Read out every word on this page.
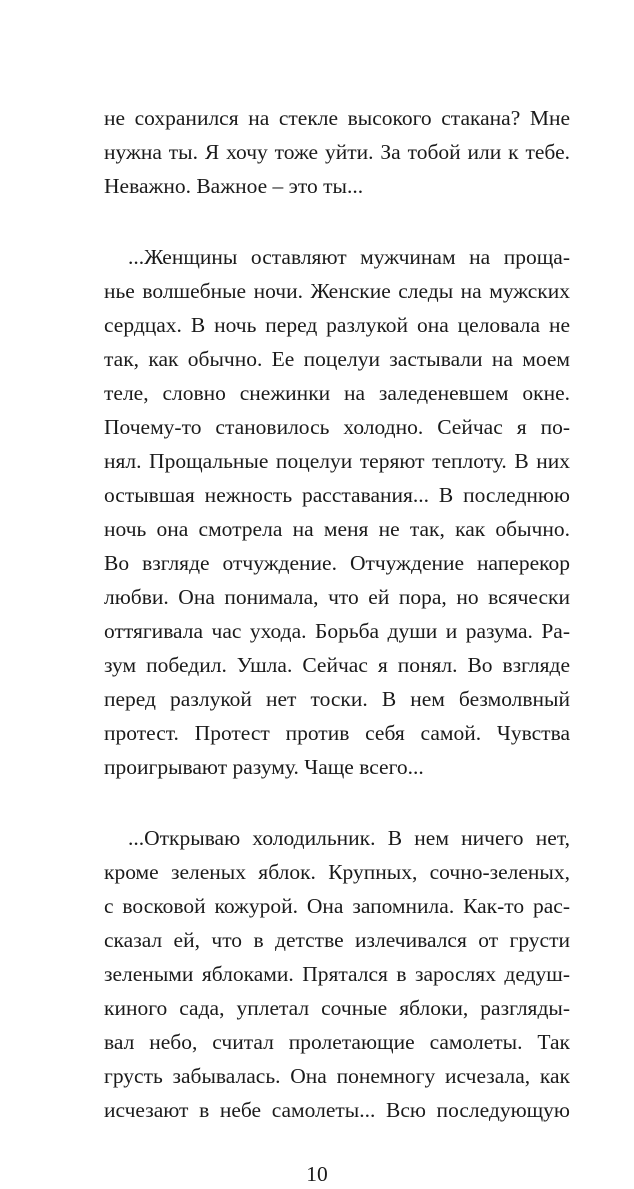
не сохранился на стекле высокого стакана? Мне
нужна ты. Я хочу тоже уйти. За тобой или к тебе.
Неважно. Важное – это ты...
...Женщины оставляют мужчинам на проща-
нье волшебные ночи. Женские следы на мужских
сердцах. В ночь перед разлукой она целовала не
так, как обычно. Ее поцелуи застывали на моем
теле, словно снежинки на заледеневшем окне.
Почему-то становилось холодно. Сейчас я по-
нял. Прощальные поцелуи теряют теплоту. В них
остывшая нежность расставания... В последнюю
ночь она смотрела на меня не так, как обычно.
Во взгляде отчуждение. Отчуждение наперекор
любви. Она понимала, что ей пора, но всячески
оттягивала час ухода. Борьба души и разума. Ра-
зум победил. Ушла. Сейчас я понял. Во взгляде
перед разлукой нет тоски. В нем безмолвный
протест. Протест против себя самой. Чувства
проигрывают разуму. Чаще всего...
...Открываю холодильник. В нем ничего нет,
кроме зеленых яблок. Крупных, сочно-зеленых,
с восковой кожурой. Она запомнила. Как-то рас-
сказал ей, что в детстве излечивался от грусти
зелеными яблоками. Прятался в зарослях дедуш-
киного сада, уплетал сочные яблоки, разгляды-
вал небо, считал пролетающие самолеты. Так
грусть забывалась. Она понемногу исчезала, как
исчезают в небе самолеты... Всю последующую
10
